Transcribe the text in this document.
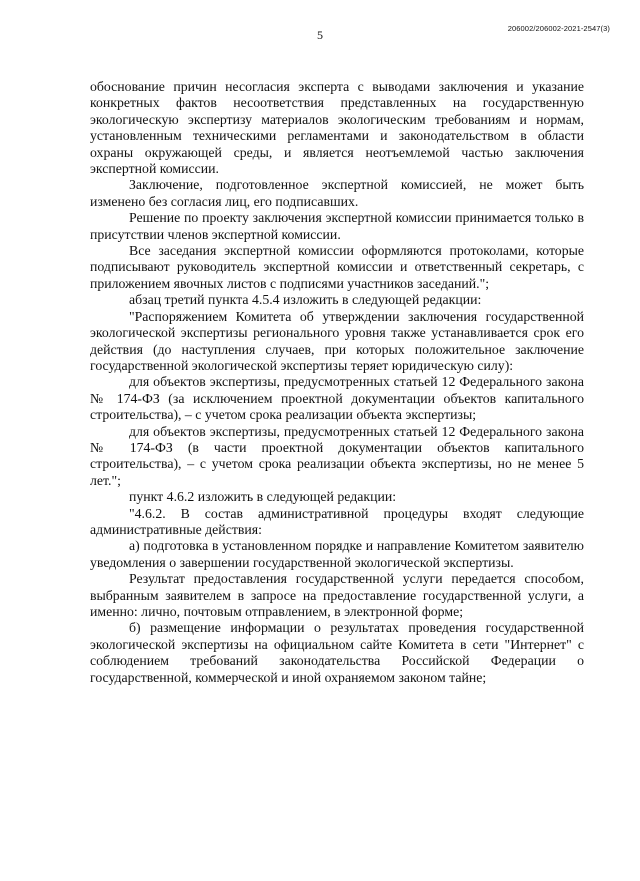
5	206002/206002-2021-2547(3)

обоснование причин несогласия эксперта с выводами заключения и указание конкретных фактов несоответствия представленных на государственную экологическую экспертизу материалов экологическим требованиям и нормам, установленным техническими регламентами и законодательством в области охраны окружающей среды, и является неотъемлемой частью заключения экспертной комиссии.

Заключение, подготовленное экспертной комиссией, не может быть изменено без согласия лиц, его подписавших.

Решение по проекту заключения экспертной комиссии принимается только в присутствии членов экспертной комиссии.

Все заседания экспертной комиссии оформляются протоколами, которые подписывают руководитель экспертной комиссии и ответственный секретарь, с приложением явочных листов с подписями участников заседаний.";

абзац третий пункта 4.5.4 изложить в следующей редакции:

"Распоряжением Комитета об утверждении заключения государственной экологической экспертизы регионального уровня также устанавливается срок его действия (до наступления случаев, при которых положительное заключение государственной экологической экспертизы теряет юридическую силу):

для объектов экспертизы, предусмотренных статьей 12 Федерального закона № 174-ФЗ (за исключением проектной документации объектов капитального строительства), – с учетом срока реализации объекта экспертизы;

для объектов экспертизы, предусмотренных статьей 12 Федерального закона № 174-ФЗ (в части проектной документации объектов капитального строительства), – с учетом срока реализации объекта экспертизы, но не менее 5 лет.";

пункт 4.6.2 изложить в следующей редакции:

"4.6.2. В состав административной процедуры входят следующие административные действия:

а) подготовка в установленном порядке и направление Комитетом заявителю уведомления о завершении государственной экологической экспертизы.

Результат предоставления государственной услуги передается способом, выбранным заявителем в запросе на предоставление государственной услуги, а именно: лично, почтовым отправлением, в электронной форме;

б) размещение информации о результатах проведения государственной экологической экспертизы на официальном сайте Комитета в сети "Интернет" с соблюдением требований законодательства Российской Федерации о государственной, коммерческой и иной охраняемом законом тайне;
